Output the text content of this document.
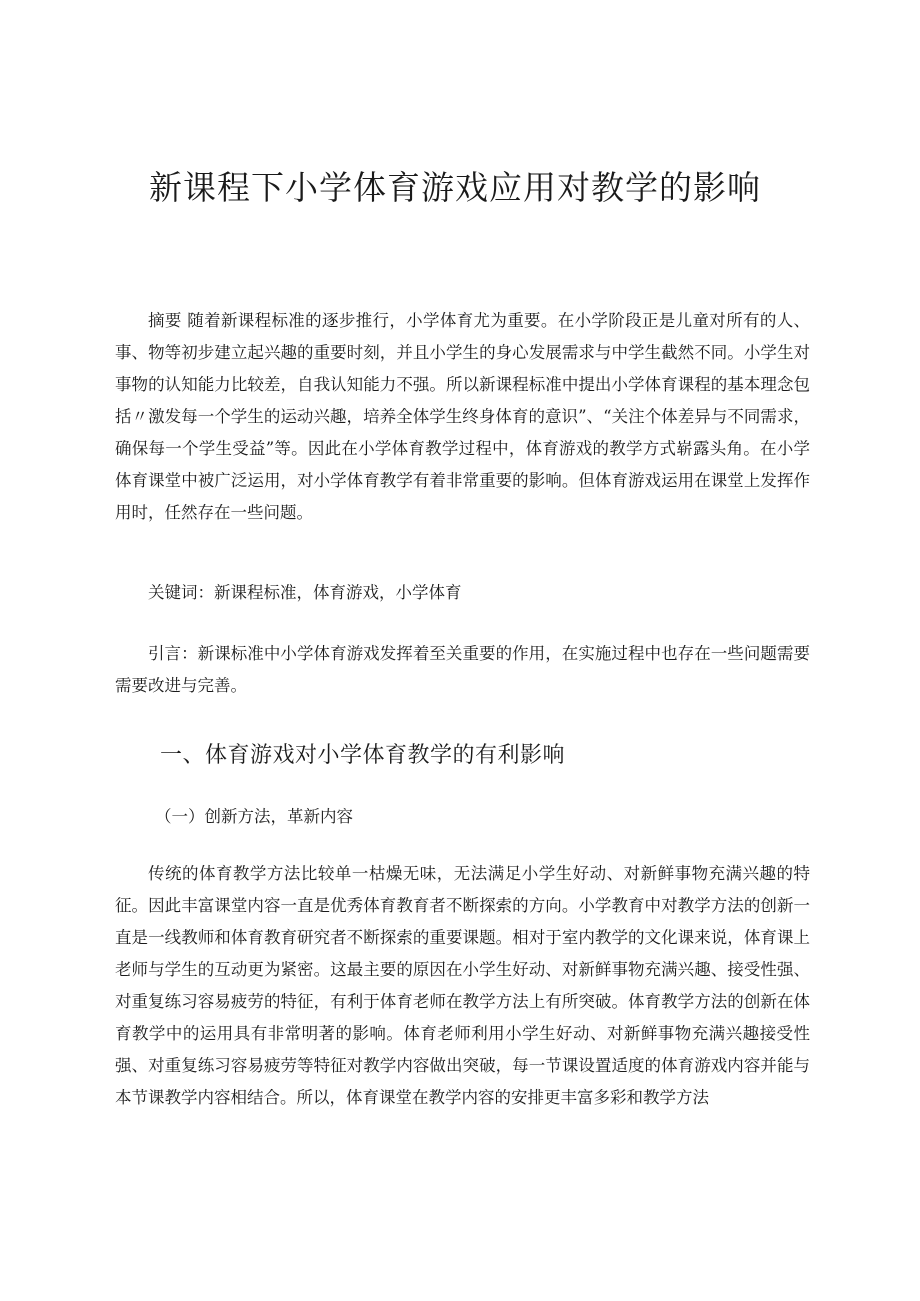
新课程下小学体育游戏应用对教学的影响

摘要 随着新课程标准的逐步推行，小学体育尤为重要。在小学阶段正是儿童对所有的人、事、物等初步建立起兴趣的重要时刻，并且小学生的身心发展需求与中学生截然不同。小学生对事物的认知能力比较差，自我认知能力不强。所以新课程标准中提出小学体育课程的基本理念包括〃激发每一个学生的运动兴趣，培养全体学生终身体育的意识”、“关注个体差异与不同需求，确保每一个学生受益”等。因此在小学体育教学过程中，体育游戏的教学方式崭露头角。在小学体育课堂中被广泛运用，对小学体育教学有着非常重要的影响。但体育游戏运用在课堂上发挥作用时，任然存在一些问题。

关键词：新课程标准，体育游戏，小学体育

引言：新课标准中小学体育游戏发挥着至关重要的作用，在实施过程中也存在一些问题需要需要改进与完善。

一、体育游戏对小学体育教学的有利影响
（一）创新方法，革新内容

传统的体育教学方法比较单一枯燥无味，无法满足小学生好动、对新鲜事物充满兴趣的特征。因此丰富课堂内容一直是优秀体育教育者不断探索的方向。小学教育中对教学方法的创新一直是一线教师和体育教育研究者不断探索的重要课题。相对于室内教学的文化课来说，体育课上老师与学生的互动更为紧密。这最主要的原因在小学生好动、对新鲜事物充满兴趣、接受性强、对重复练习容易疲劳的特征，有利于体育老师在教学方法上有所突破。体育教学方法的创新在体育教学中的运用具有非常明著的影响。体育老师利用小学生好动、对新鲜事物充满兴趣接受性强、对重复练习容易疲劳等特征对教学内容做出突破，每一节课设置适度的体育游戏内容并能与本节课教学内容相结合。所以，体育课堂在教学内容的安排更丰富多彩和教学方法
